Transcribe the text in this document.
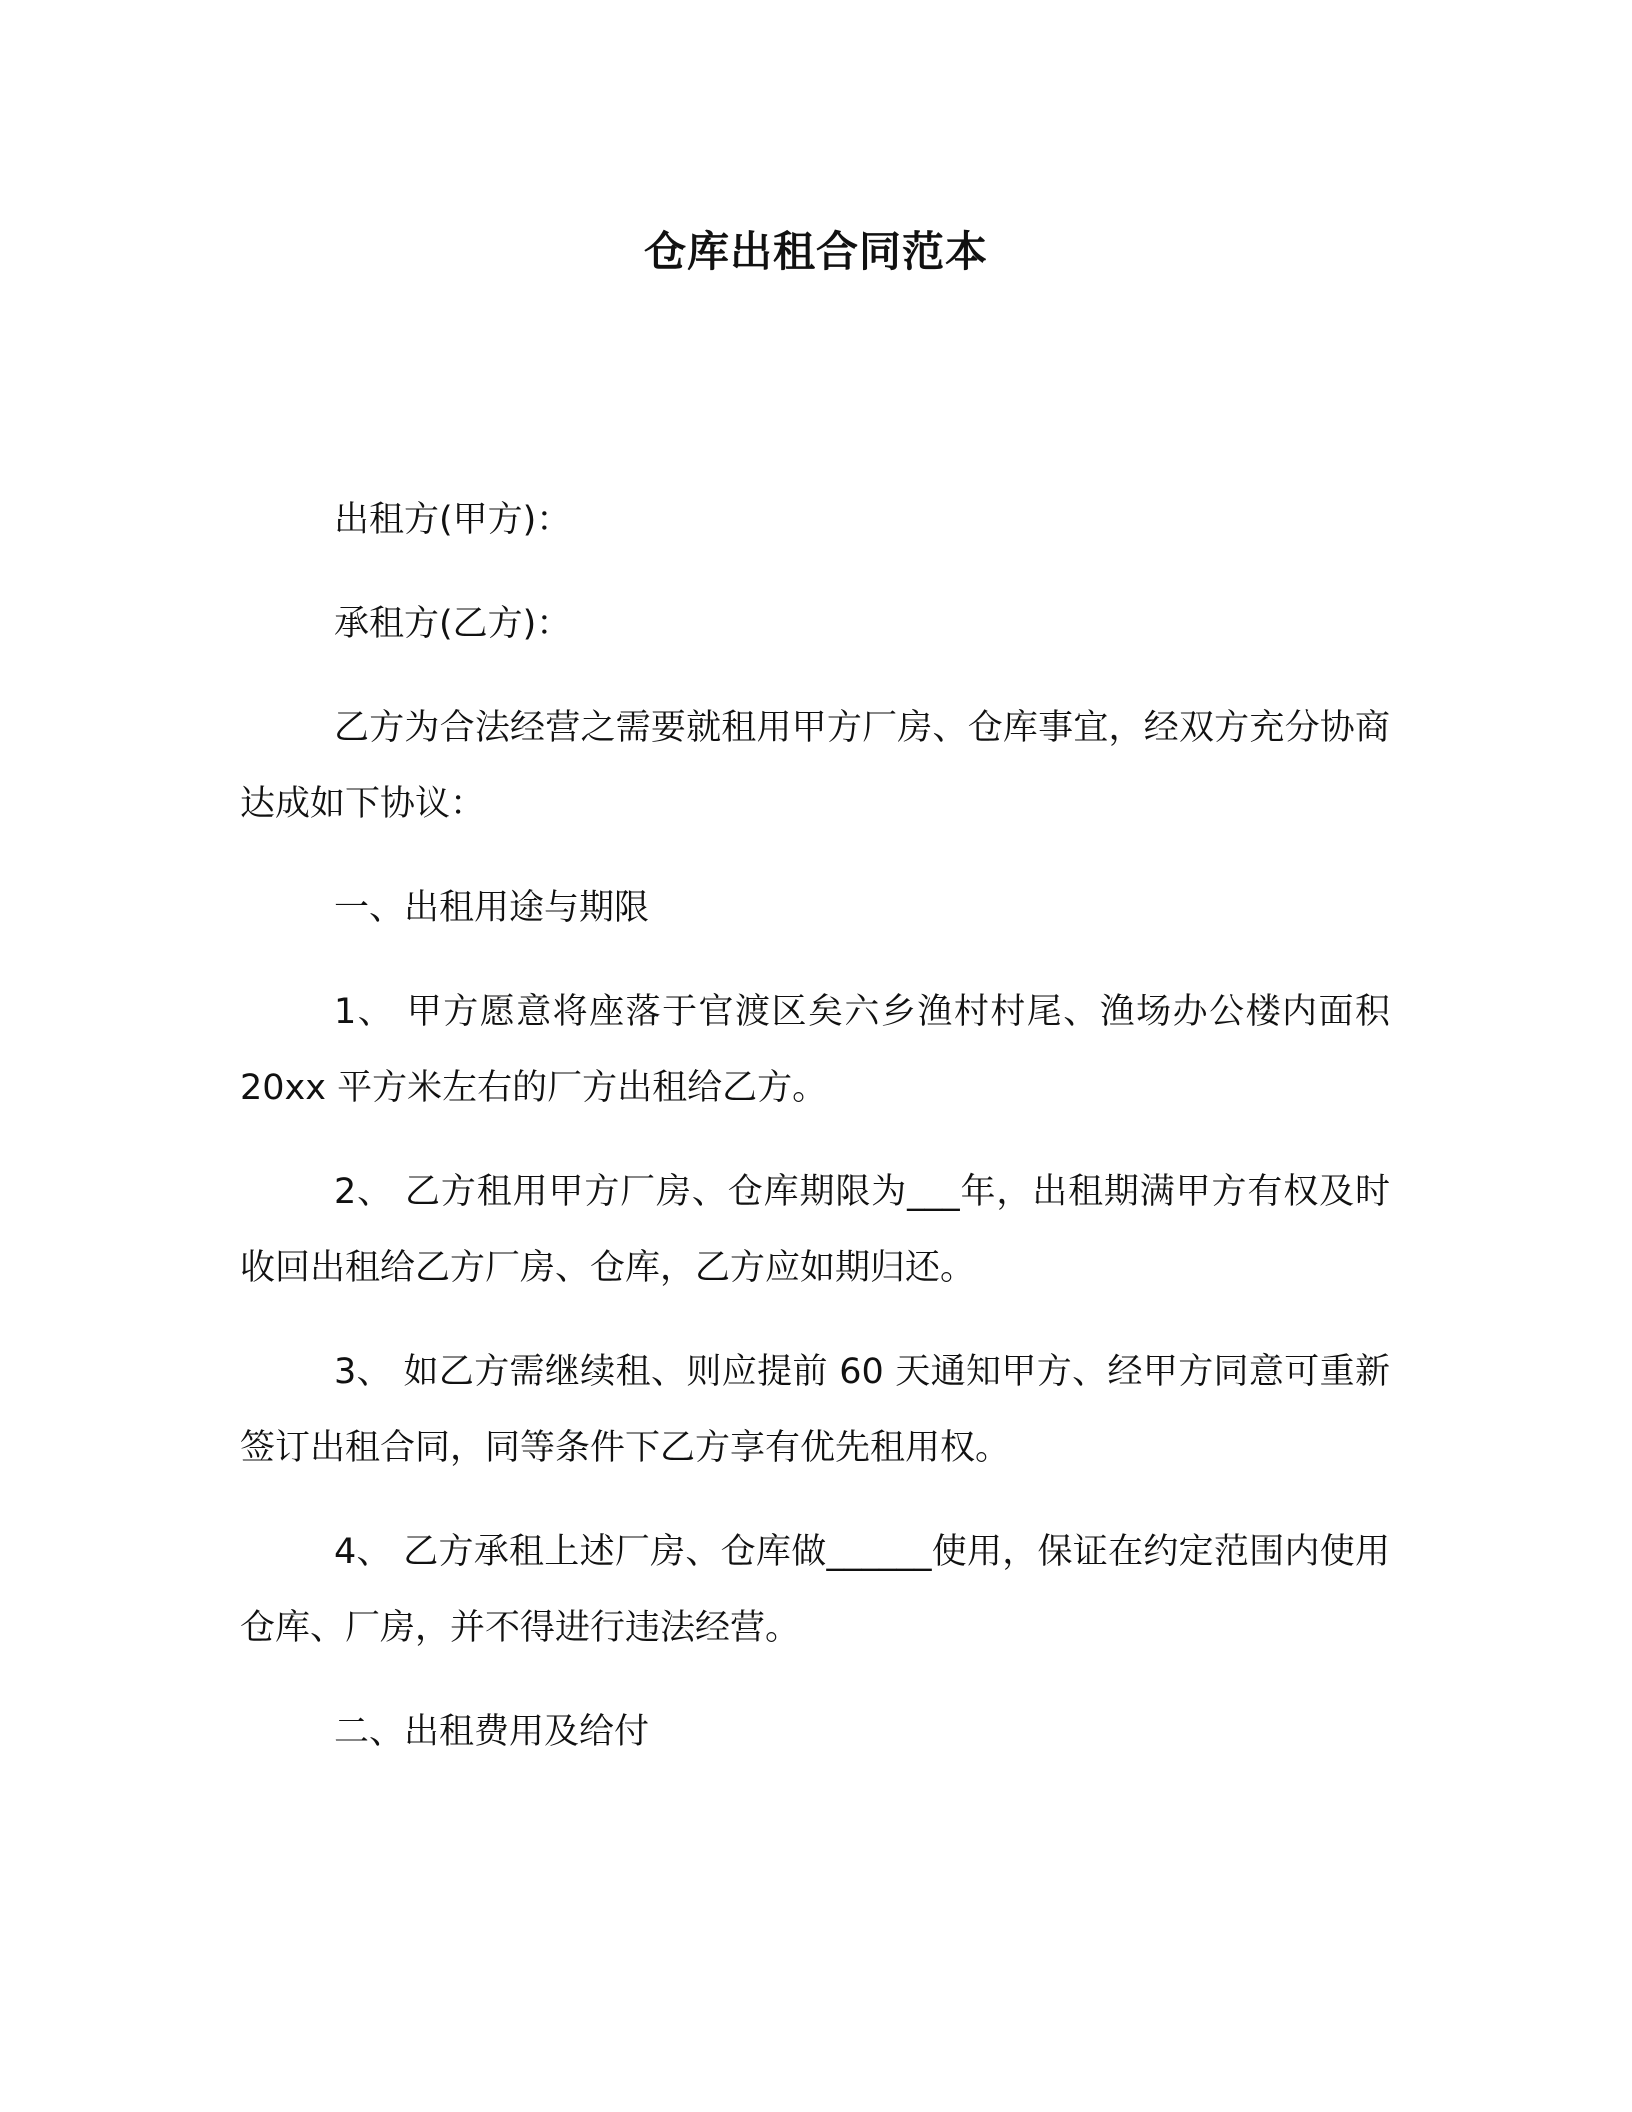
仓库出租合同范本

出租方(甲方)：

承租方(乙方)：

乙方为合法经营之需要就租用甲方厂房、仓库事宜，经双方充分协商达成如下协议：

一、出租用途与期限

1、 甲方愿意将座落于官渡区矣六乡渔村村尾、渔场办公楼内面积 20xx 平方米左右的厂方出租给乙方。

2、 乙方租用甲方厂房、仓库期限为___年，出租期满甲方有权及时收回出租给乙方厂房、仓库，乙方应如期归还。

3、 如乙方需继续租、则应提前 60 天通知甲方、经甲方同意可重新签订出租合同，同等条件下乙方享有优先租用权。

4、 乙方承租上述厂房、仓库做______使用，保证在约定范围内使用仓库、厂房，并不得进行违法经营。

二、出租费用及给付
